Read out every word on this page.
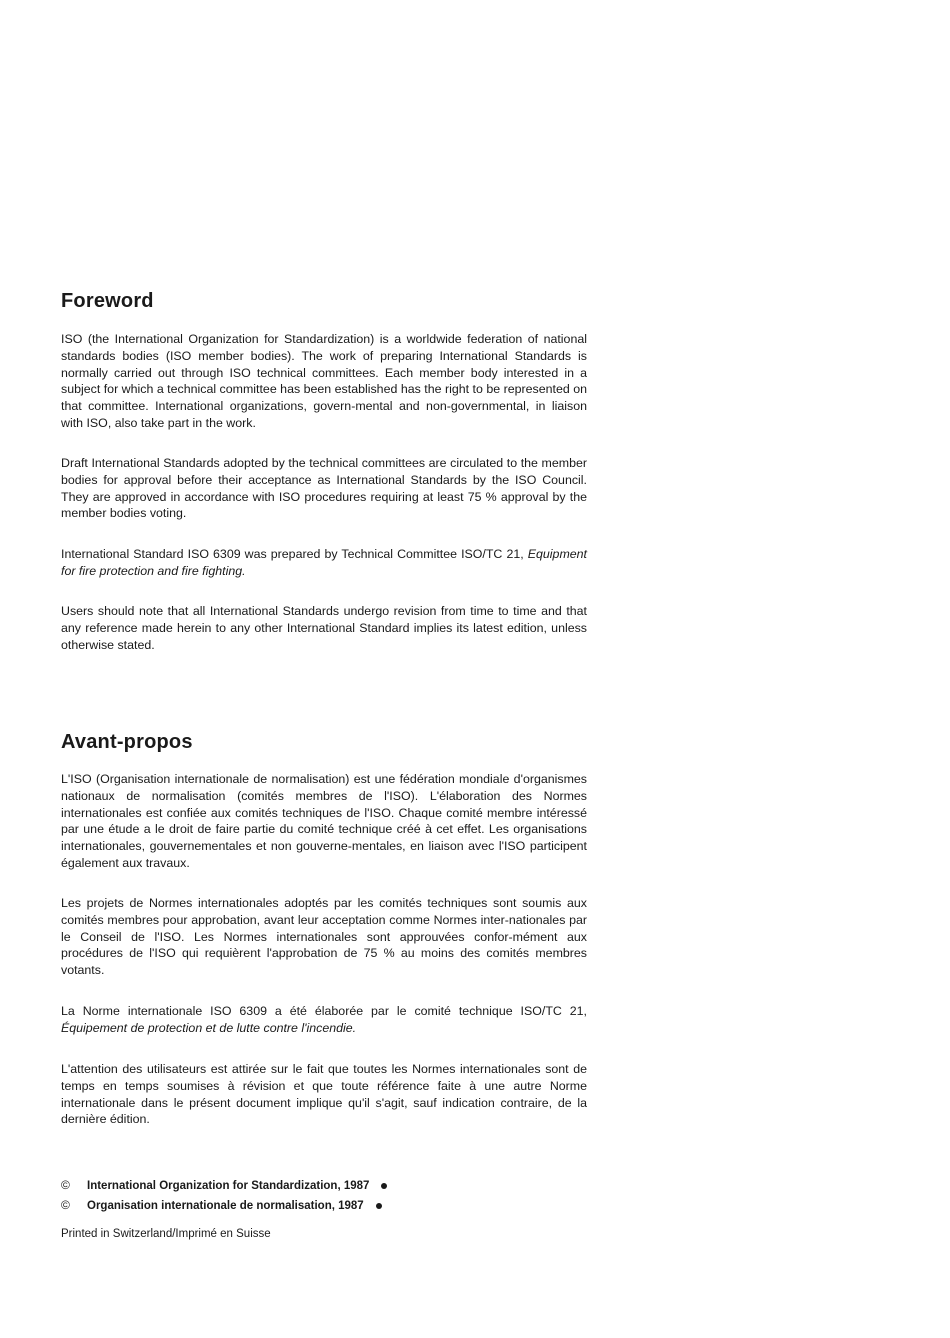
Foreword

ISO (the International Organization for Standardization) is a worldwide federation of national standards bodies (ISO member bodies). The work of preparing International Standards is normally carried out through ISO technical committees. Each member body interested in a subject for which a technical committee has been established has the right to be represented on that committee. International organizations, govern-mental and non-governmental, in liaison with ISO, also take part in the work.

Draft International Standards adopted by the technical committees are circulated to the member bodies for approval before their acceptance as International Standards by the ISO Council. They are approved in accordance with ISO procedures requiring at least 75 % approval by the member bodies voting.

International Standard ISO 6309 was prepared by Technical Committee ISO/TC 21, Equipment for fire protection and fire fighting.

Users should note that all International Standards undergo revision from time to time and that any reference made herein to any other International Standard implies its latest edition, unless otherwise stated.

Avant-propos

L'ISO (Organisation internationale de normalisation) est une fédération mondiale d'organismes nationaux de normalisation (comités membres de l'ISO). L'élaboration des Normes internationales est confiée aux comités techniques de l'ISO. Chaque comité membre intéressé par une étude a le droit de faire partie du comité technique créé à cet effet. Les organisations internationales, gouvernementales et non gouverne-mentales, en liaison avec l'ISO participent également aux travaux.

Les projets de Normes internationales adoptés par les comités techniques sont soumis aux comités membres pour approbation, avant leur acceptation comme Normes inter-nationales par le Conseil de l'ISO. Les Normes internationales sont approuvées confor-mément aux procédures de l'ISO qui requièrent l'approbation de 75 % au moins des comités membres votants.

La Norme internationale ISO 6309 a été élaborée par le comité technique ISO/TC 21, Équipement de protection et de lutte contre l'incendie.

L'attention des utilisateurs est attirée sur le fait que toutes les Normes internationales sont de temps en temps soumises à révision et que toute référence faite à une autre Norme internationale dans le présent document implique qu'il s'agit, sauf indication contraire, de la dernière édition.

© International Organization for Standardization, 1987
© Organisation internationale de normalisation, 1987
Printed in Switzerland/Imprimé en Suisse
